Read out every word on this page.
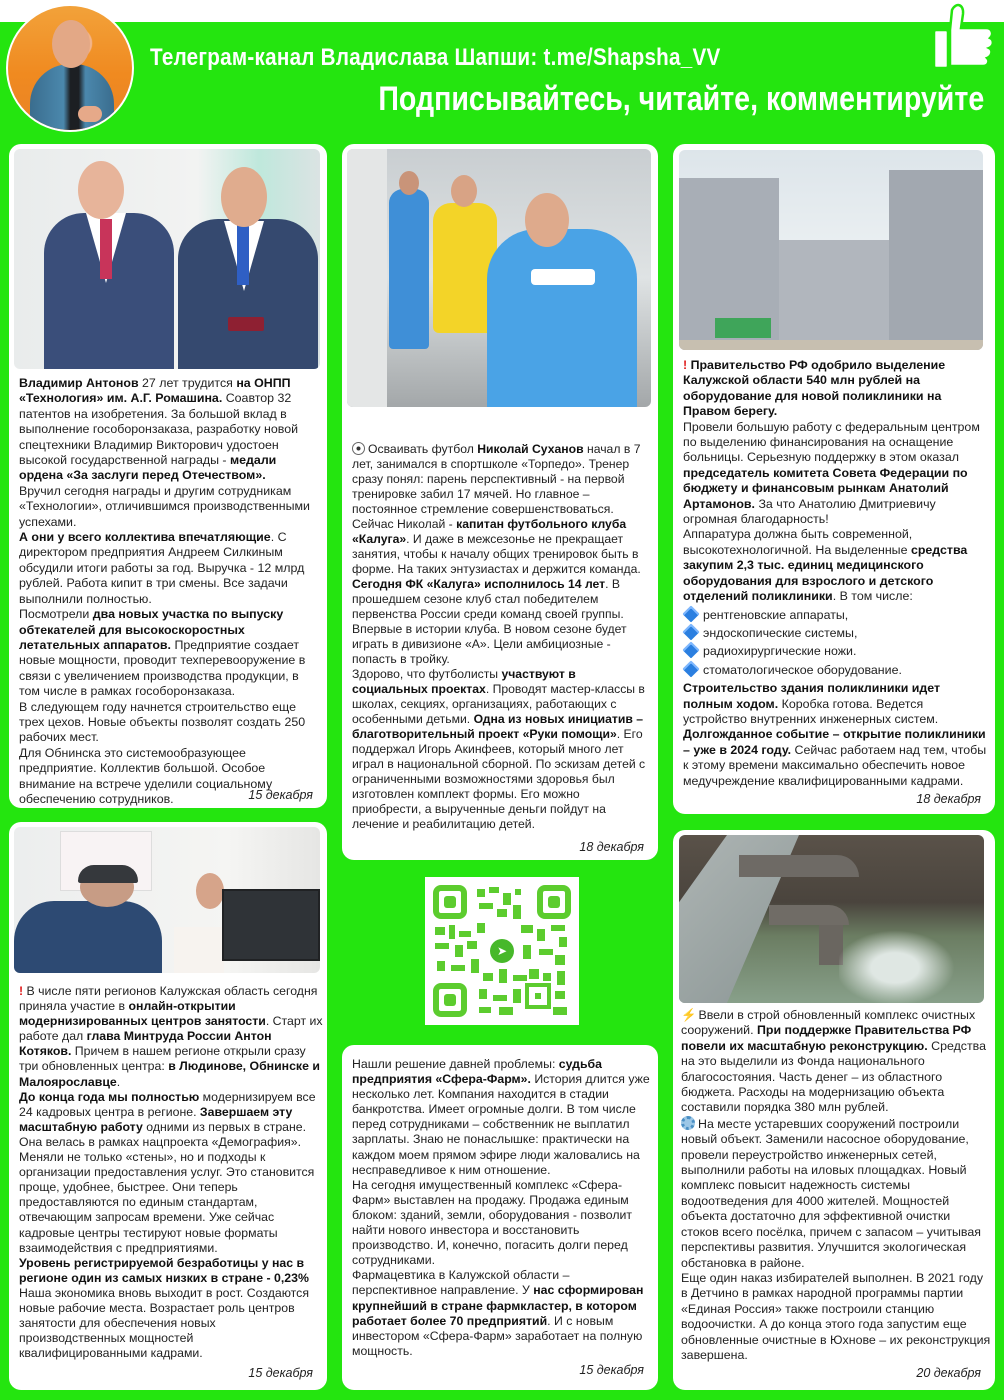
Телеграм-канал Владислава Шапши: t.me/Shapsha_VV
Подписывайтесь, читайте, комментируйте

Владимир Антонов 27 лет трудится на ОНПП «Технология» им. А.Г. Ромашина. Соавтор 32 патентов на изобретения. За большой вклад в выполнение гособоронзаказа, разработку новой спецтехники Владимир Викторович удостоен высокой государственной награды - медали ордена «За заслуги перед Отечеством».

Вручил сегодня награды и другим сотрудникам «Технологии», отличившимся производственными успехами.

А они у всего коллектива впечатляющие. С директором предприятия Андреем Силкиным обсудили итоги работы за год. Выручка - 12 млрд рублей. Работа кипит в три смены. Все задачи выполнили полностью.

Посмотрели два новых участка по выпуску обтекателей для высокоскоростных летательных аппаратов. Предприятие создает новые мощности, проводит техперевооружение в связи с увеличением производства продукции, в том числе в рамках гособоронзаказа.

В следующем году начнется строительство еще трех цехов. Новые объекты позволят создать 250 рабочих мест.

Для Обнинска это системообразующее предприятие. Коллектив большой. Особое внимание на встрече уделили социальному обеспечению сотрудников.	15 декабря

Осваивать футбол Николай Суханов начал в 7 лет, занимался в спортшколе «Торпедо». Тренер сразу понял: парень перспективный - на первой тренировке забил 17 мячей. Но главное – постоянное стремление совершенствоваться. Сейчас Николай - капитан футбольного клуба «Калуга». И даже в межсезонье не прекращает занятия, чтобы к началу общих тренировок быть в форме. На таких энтузиастах и держится команда.

Сегодня ФК «Калуга» исполнилось 14 лет. В прошедшем сезоне клуб стал победителем первенства России среди команд своей группы. Впервые в истории клуба. В новом сезоне будет играть в дивизионе «А». Цели амбициозные - попасть в тройку.

Здорово, что футболисты участвуют в социальных проектах. Проводят мастер-классы в школах, секциях, организациях, работающих с особенными детьми. Одна из новых инициатив – благотворительный проект «Руки помощи». Его поддержал Игорь Акинфеев, который много лет играл в национальной сборной. По эскизам детей с ограниченными возможностями здоровья был изготовлен комплект формы. Его можно приобрести, а вырученные деньги пойдут на лечение и реабилитацию детей.

18 декабря

! Правительство РФ одобрило выделение Калужской области 540 млн рублей на оборудование для новой поликлиники на Правом берегу.

Провели большую работу с федеральным центром по выделению финансирования на оснащение больницы. Серьезную поддержку в этом оказал председатель комитета Совета Федерации по бюджету и финансовым рынкам Анатолий Артамонов. За что Анатолию Дмитриевичу огромная благодарность!

Аппаратура должна быть современной, высокотехнологичной. На выделенные средства закупим 2,3 тыс. единиц медицинского оборудования для взрослого и детского отделений поликлиники. В том числе:

рентгеновские аппараты,

эндоскопические системы,

радиохирургические ножи.

стоматологическое оборудование.

Строительство здания поликлиники идет полным ходом. Коробка готова. Ведется устройство внутренних инженерных систем. Долгожданное событие – открытие поликлиники – уже в 2024 году. Сейчас работаем над тем, чтобы к этому времени максимально обеспечить новое медучреждение квалифицированными кадрами.

18 декабря

! В числе пяти регионов Калужская область сегодня приняла участие в онлайн-открытии модернизированных центров занятости. Старт их работе дал глава Минтруда России Антон Котяков. Причем в нашем регионе открыли сразу три обновленных центра: в Людинове, Обнинске и Малоярославце.

До конца года мы полностью модернизируем все 24 кадровых центра в регионе. Завершаем эту масштабную работу одними из первых в стране. Она велась в рамках нацпроекта «Демография».

Меняли не только «стены», но и подходы к организации предоставления услуг. Это становится проще, удобнее, быстрее. Они теперь предоставляются по единым стандартам, отвечающим запросам времени. Уже сейчас кадровые центры тестируют новые форматы взаимодействия с предприятиями.

Уровень регистрируемой безработицы у нас в регионе один из самых низких в стране - 0,23% Наша экономика вновь выходит в рост. Создаются новые рабочие места. Возрастает роль центров занятости для обеспечения новых производственных мощностей квалифицированными кадрами.

15 декабря
➤

Нашли решение давней проблемы: судьба предприятия «Сфера-Фарм». История длится уже несколько лет. Компания находится в стадии банкротства. Имеет огромные долги. В том числе перед сотрудниками – собственник не выплатил зарплаты. Знаю не понаслышке: практически на каждом моем прямом эфире люди жаловались на несправедливое к ним отношение.

На сегодня имущественный комплекс «Сфера-Фарм» выставлен на продажу. Продажа единым блоком: зданий, земли, оборудования - позволит найти нового инвестора и восстановить производство. И, конечно, погасить долги перед сотрудниками.

Фармацевтика в Калужской области – перспективное направление. У нас сформирован крупнейший в стране фармкластер, в котором работает более 70 предприятий. И с новым инвестором «Сфера-Фарм» заработает на полную мощность.

15 декабря

⚡ Ввели в строй обновленный комплекс очистных сооружений. При поддержке Правительства РФ повели их масштабную реконструкцию. Средства на это выделили из Фонда национального благосостояния. Часть денег – из областного бюджета. Расходы на модернизацию объекта составили порядка 380 млн рублей.

На месте устаревших сооружений построили новый объект. Заменили насосное оборудование, провели переустройство инженерных сетей, выполнили работы на иловых площадках. Новый комплекс повысит надежность системы водоотведения для 4000 жителей. Мощностей объекта достаточно для эффективной очистки стоков всего посёлка, причем с запасом – учитывая перспективы развития. Улучшится экологическая обстановка в районе.

Еще один наказ избирателей выполнен. В 2021 году в Детчино в рамках народной программы партии «Единая Россия» также построили станцию водоочистки. А до конца этого года запустим еще обновленные очистные в Юхнове – их реконструкция завершена.

20 декабря
